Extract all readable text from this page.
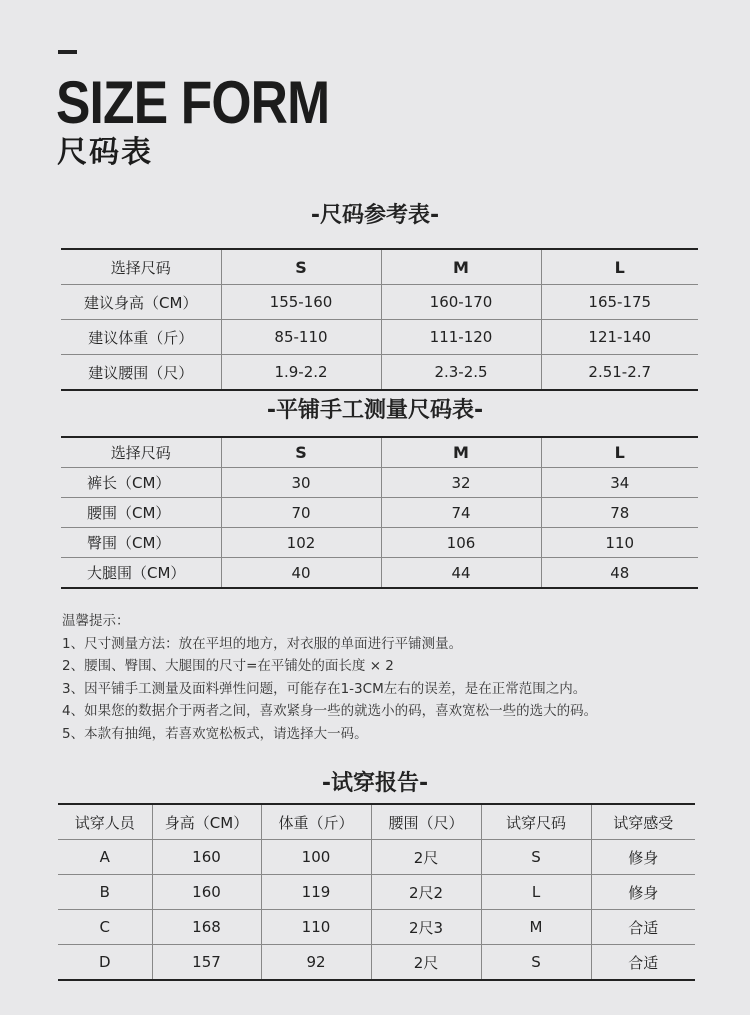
SIZE FORM
尺码表
-尺码参考表-
选择尺码	S	M	L
建议身高（CM）	155-160	160-170	165-175
建议体重（斤）	85-110	111-120	121-140
建议腰围（尺）	1.9-2.2	2.3-2.5	2.51-2.7
-平铺手工测量尺码表-
选择尺码	S	M	L
裤长（CM）	30	32	34
腰围（CM）	70	74	78
臀围（CM）	102	106	110
大腿围（CM）	40	44	48
温馨提示：
1、尺寸测量方法：放在平坦的地方，对衣服的单面进行平铺测量。
2、腰围、臀围、大腿围的尺寸=在平铺处的面长度 × 2
3、因平铺手工测量及面料弹性问题，可能存在1-3CM左右的误差，是在正常范围之内。
4、如果您的数据介于两者之间，喜欢紧身一些的就选小的码，喜欢宽松一些的选大的码。
5、本款有抽绳，若喜欢宽松板式，请选择大一码。
-试穿报告-
试穿人员	身高（CM）	体重（斤）	腰围（尺）	试穿尺码	试穿感受
A	160	100	2尺	S	修身
B	160	119	2尺2	L	修身
C	168	110	2尺3	M	合适
D	157	92	2尺	S	合适
